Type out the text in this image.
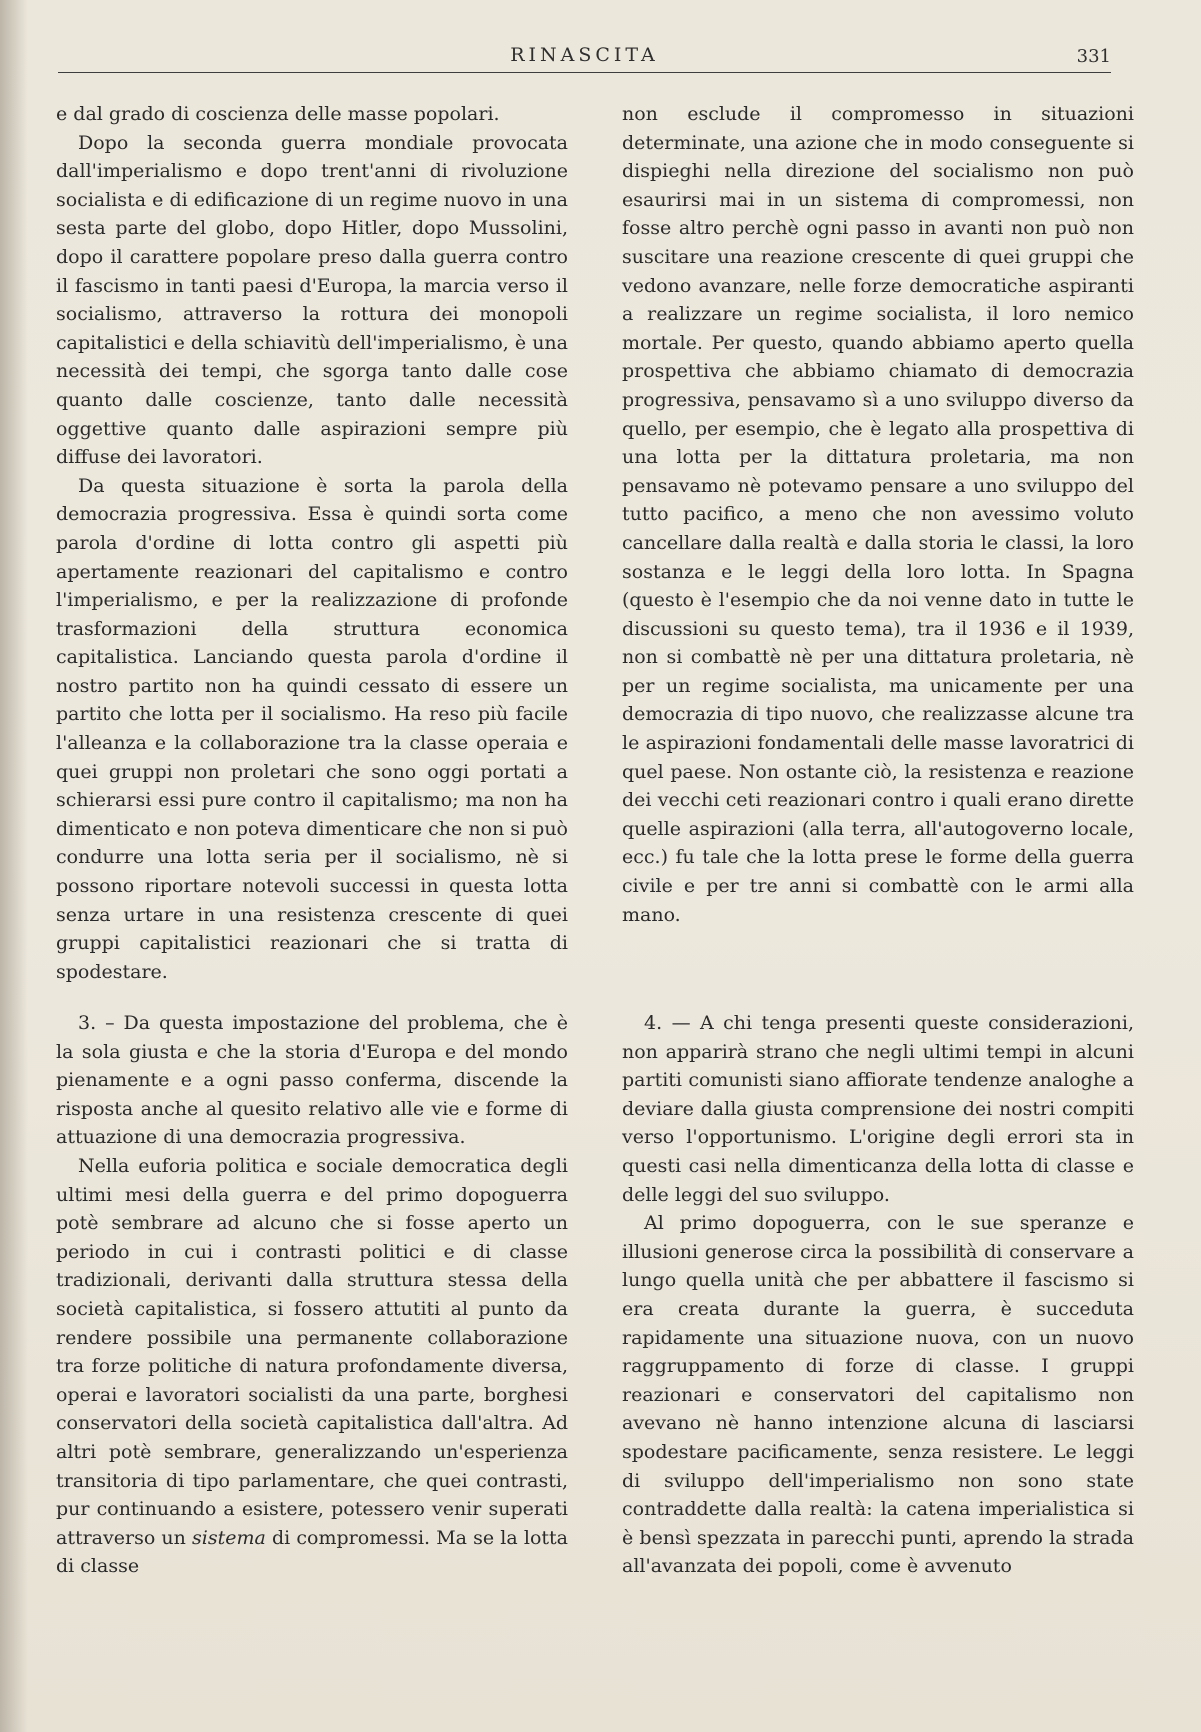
RINASCITA	331

e dal grado di coscienza delle masse popolari.

Dopo la seconda guerra mondiale provocata dall'imperialismo e dopo trent'anni di rivoluzione socialista e di edificazione di un regime nuovo in una sesta parte del globo, dopo Hitler, dopo Mussolini, dopo il carattere popolare preso dalla guerra contro il fascismo in tanti paesi d'Europa, la marcia verso il socialismo, attraverso la rottura dei monopoli capitalistici e della schiavitù dell'imperialismo, è una necessità dei tempi, che sgorga tanto dalle cose quanto dalle coscienze, tanto dalle necessità oggettive quanto dalle aspirazioni sempre più diffuse dei lavoratori.

Da questa situazione è sorta la parola della democrazia progressiva. Essa è quindi sorta come parola d'ordine di lotta contro gli aspetti più apertamente reazionari del capitalismo e contro l'imperialismo, e per la realizzazione di profonde trasformazioni della struttura economica capitalistica. Lanciando questa parola d'ordine il nostro partito non ha quindi cessato di essere un partito che lotta per il socialismo. Ha reso più facile l'alleanza e la collaborazione tra la classe operaia e quei gruppi non proletari che sono oggi portati a schierarsi essi pure contro il capitalismo; ma non ha dimenticato e non poteva dimenticare che non si può condurre una lotta seria per il socialismo, nè si possono riportare notevoli successi in questa lotta senza urtare in una resistenza crescente di quei gruppi capitalistici reazionari che si tratta di spodestare.

non esclude il compromesso in situazioni determinate, una azione che in modo conseguente si dispieghi nella direzione del socialismo non può esaurirsi mai in un sistema di compromessi, non fosse altro perchè ogni passo in avanti non può non suscitare una reazione crescente di quei gruppi che vedono avanzare, nelle forze democratiche aspiranti a realizzare un regime socialista, il loro nemico mortale. Per questo, quando abbiamo aperto quella prospettiva che abbiamo chiamato di democrazia progressiva, pensavamo sì a uno sviluppo diverso da quello, per esempio, che è legato alla prospettiva di una lotta per la dittatura proletaria, ma non pensavamo nè potevamo pensare a uno sviluppo del tutto pacifico, a meno che non avessimo voluto cancellare dalla realtà e dalla storia le classi, la loro sostanza e le leggi della loro lotta. In Spagna (questo è l'esempio che da noi venne dato in tutte le discussioni su questo tema), tra il 1936 e il 1939, non si combattè nè per una dittatura proletaria, nè per un regime socialista, ma unicamente per una democrazia di tipo nuovo, che realizzasse alcune tra le aspirazioni fondamentali delle masse lavoratrici di quel paese. Non ostante ciò, la resistenza e reazione dei vecchi ceti reazionari contro i quali erano dirette quelle aspirazioni (alla terra, all'autogoverno locale, ecc.) fu tale che la lotta prese le forme della guerra civile e per tre anni si combattè con le armi alla mano.

3. – Da questa impostazione del problema, che è la sola giusta e che la storia d'Europa e del mondo pienamente e a ogni passo conferma, discende la risposta anche al quesito relativo alle vie e forme di attuazione di una democrazia progressiva.

Nella euforia politica e sociale democratica degli ultimi mesi della guerra e del primo dopoguerra potè sembrare ad alcuno che si fosse aperto un periodo in cui i contrasti politici e di classe tradizionali, derivanti dalla struttura stessa della società capitalistica, si fossero attutiti al punto da rendere possibile una permanente collaborazione tra forze politiche di natura profondamente diversa, operai e lavoratori socialisti da una parte, borghesi conservatori della società capitalistica dall'altra. Ad altri potè sembrare, generalizzando un'esperienza transitoria di tipo parlamentare, che quei contrasti, pur continuando a esistere, potessero venir superati attraverso un sistema di compromessi. Ma se la lotta di classe

4. — A chi tenga presenti queste considerazioni, non apparirà strano che negli ultimi tempi in alcuni partiti comunisti siano affiorate tendenze analoghe a deviare dalla giusta comprensione dei nostri compiti verso l'opportunismo. L'origine degli errori sta in questi casi nella dimenticanza della lotta di classe e delle leggi del suo sviluppo.

Al primo dopoguerra, con le sue speranze e illusioni generose circa la possibilità di conservare a lungo quella unità che per abbattere il fascismo si era creata durante la guerra, è succeduta rapidamente una situazione nuova, con un nuovo raggruppamento di forze di classe. I gruppi reazionari e conservatori del capitalismo non avevano nè hanno intenzione alcuna di lasciarsi spodestare pacificamente, senza resistere. Le leggi di sviluppo dell'imperialismo non sono state contraddette dalla realtà: la catena imperialistica si è bensì spezzata in parecchi punti, aprendo la strada all'avanzata dei popoli, come è avvenuto
